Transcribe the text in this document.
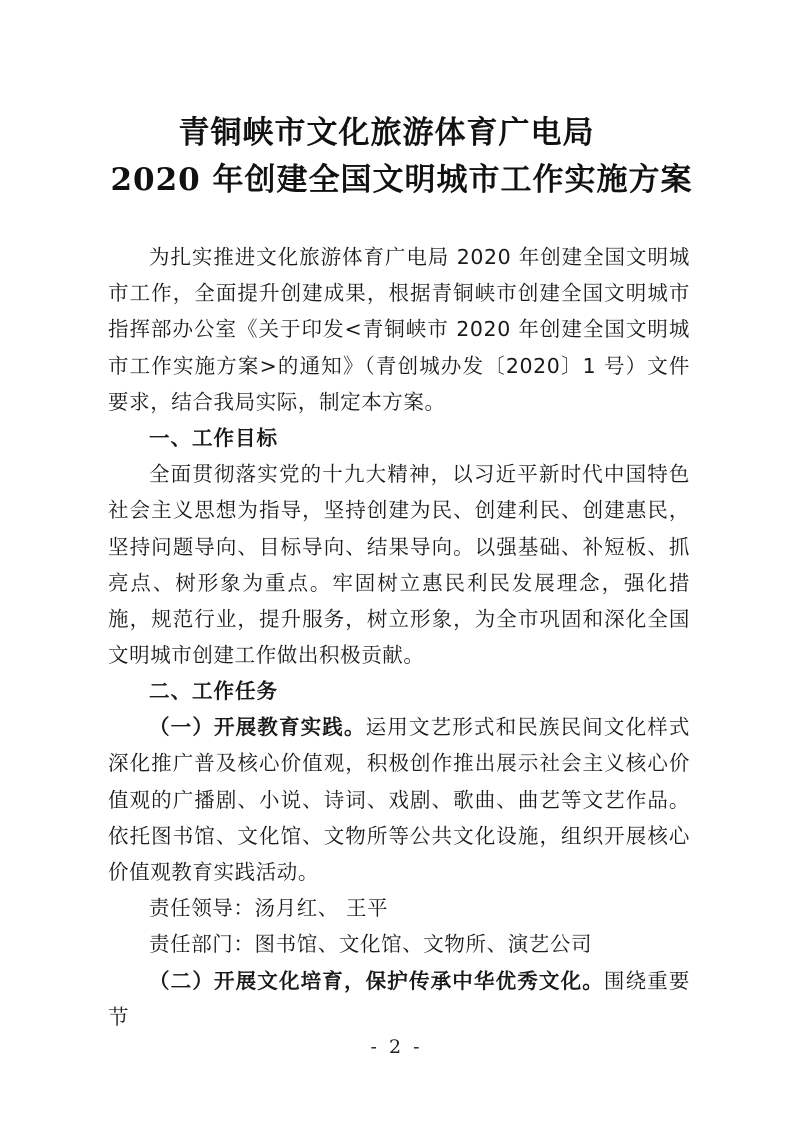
青铜峡市文化旅游体育广电局
2020 年创建全国文明城市工作实施方案

为扎实推进文化旅游体育广电局 2020 年创建全国文明城市工作，全面提升创建成果，根据青铜峡市创建全国文明城市指挥部办公室《关于印发<青铜峡市 2020 年创建全国文明城市工作实施方案>的通知》（青创城办发〔2020〕1 号）文件要求，结合我局实际，制定本方案。

一、工作目标

全面贯彻落实党的十九大精神，以习近平新时代中国特色社会主义思想为指导，坚持创建为民、创建利民、创建惠民，坚持问题导向、目标导向、结果导向。以强基础、补短板、抓亮点、树形象为重点。牢固树立惠民利民发展理念，强化措施，规范行业，提升服务，树立形象，为全市巩固和深化全国文明城市创建工作做出积极贡献。

二、工作任务

（一）开展教育实践。运用文艺形式和民族民间文化样式深化推广普及核心价值观，积极创作推出展示社会主义核心价值观的广播剧、小说、诗词、戏剧、歌曲、曲艺等文艺作品。依托图书馆、文化馆、文物所等公共文化设施，组织开展核心价值观教育实践活动。

责任领导：汤月红、 王平

责任部门：图书馆、文化馆、文物所、演艺公司

（二）开展文化培育，保护传承中华优秀文化。围绕重要节

- 2 -
